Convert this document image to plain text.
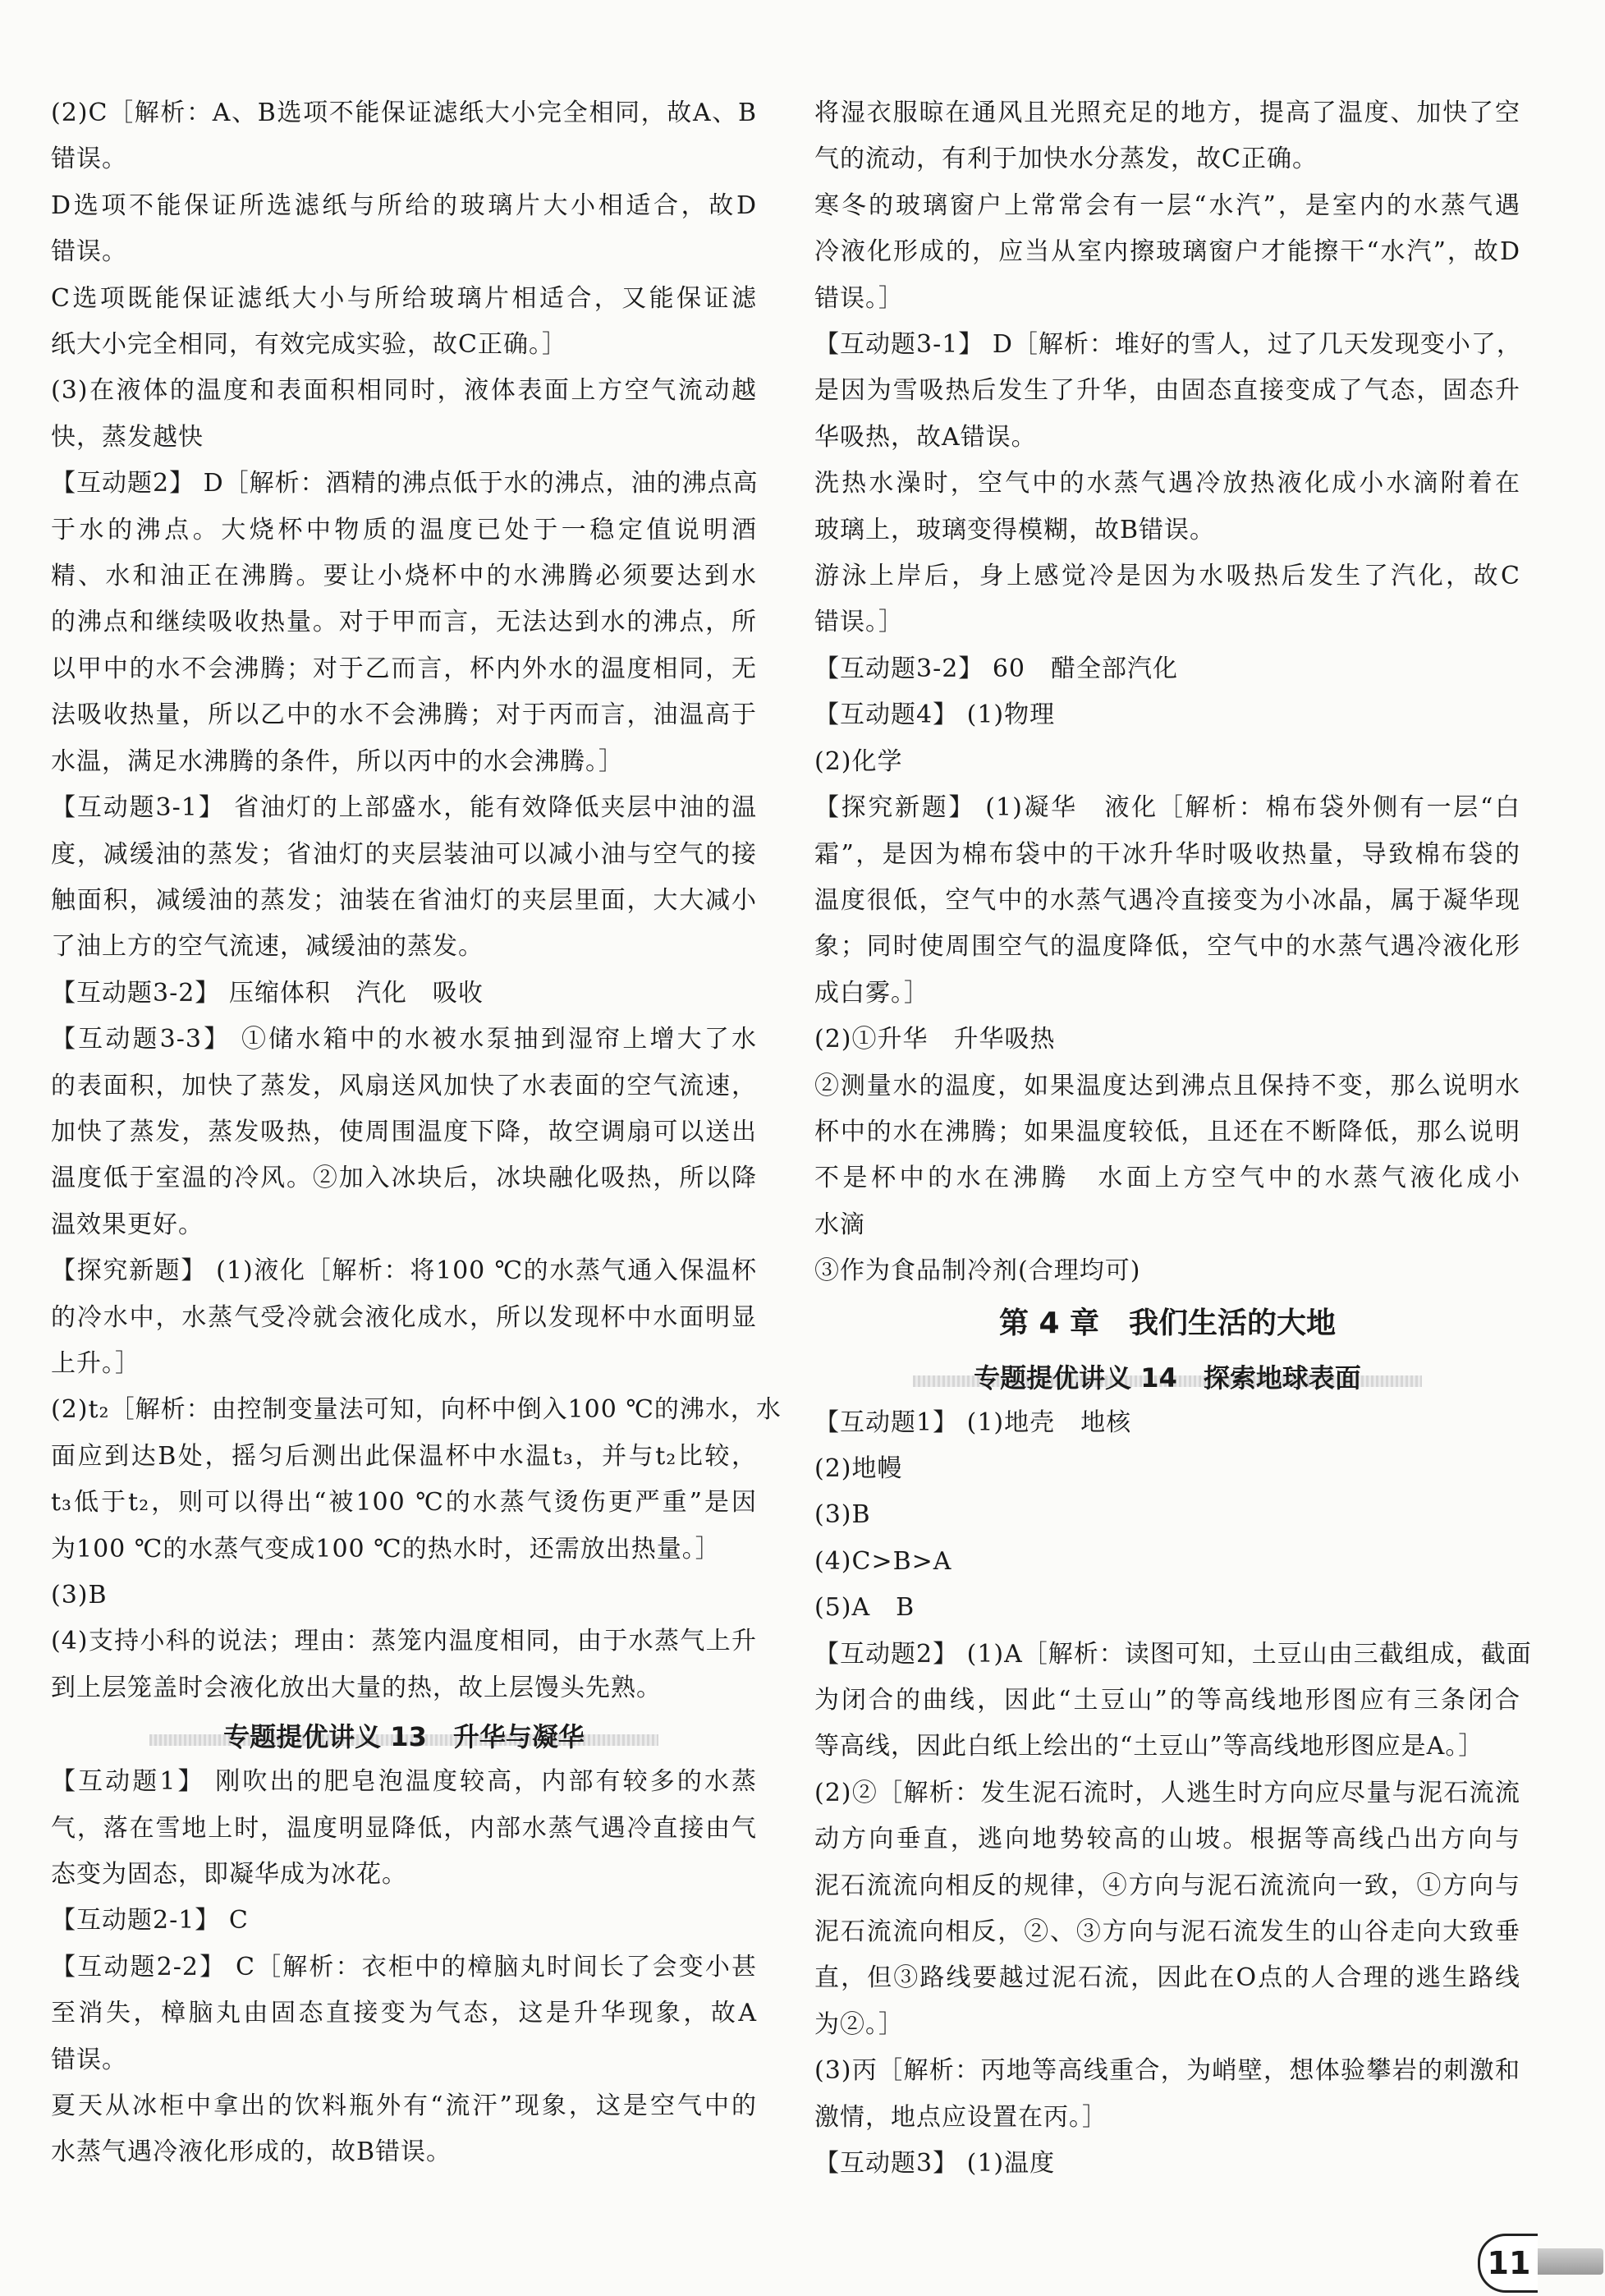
(2)C［解析：A、B选项不能保证滤纸大小完全相同，故A、B

错误。

D选项不能保证所选滤纸与所给的玻璃片大小相适合，故D

错误。

C选项既能保证滤纸大小与所给玻璃片相适合，又能保证滤

纸大小完全相同，有效完成实验，故C正确。］

(3)在液体的温度和表面积相同时，液体表面上方空气流动越

快，蒸发越快

【互动题2】 D［解析：酒精的沸点低于水的沸点，油的沸点高

于水的沸点。大烧杯中物质的温度已处于一稳定值说明酒

精、水和油正在沸腾。要让小烧杯中的水沸腾必须要达到水

的沸点和继续吸收热量。对于甲而言，无法达到水的沸点，所

以甲中的水不会沸腾；对于乙而言，杯内外水的温度相同，无

法吸收热量，所以乙中的水不会沸腾；对于丙而言，油温高于

水温，满足水沸腾的条件，所以丙中的水会沸腾。］

【互动题3-1】 省油灯的上部盛水，能有效降低夹层中油的温

度，减缓油的蒸发；省油灯的夹层装油可以减小油与空气的接

触面积，减缓油的蒸发；油装在省油灯的夹层里面，大大减小

了油上方的空气流速，减缓油的蒸发。

【互动题3-2】 压缩体积　汽化　吸收

【互动题3-3】 ①储水箱中的水被水泵抽到湿帘上增大了水

的表面积，加快了蒸发，风扇送风加快了水表面的空气流速，

加快了蒸发，蒸发吸热，使周围温度下降，故空调扇可以送出

温度低于室温的冷风。②加入冰块后，冰块融化吸热，所以降

温效果更好。

【探究新题】 (1)液化［解析：将100 ℃的水蒸气通入保温杯

的冷水中，水蒸气受冷就会液化成水，所以发现杯中水面明显

上升。］

(2)t₂［解析：由控制变量法可知，向杯中倒入100 ℃的沸水，水

面应到达B处，摇匀后测出此保温杯中水温t₃，并与t₂比较，

t₃低于t₂，则可以得出“被100 ℃的水蒸气烫伤更严重”是因

为100 ℃的水蒸气变成100 ℃的热水时，还需放出热量。］

(3)B

(4)支持小科的说法；理由：蒸笼内温度相同，由于水蒸气上升

到上层笼盖时会液化放出大量的热，故上层馒头先熟。

专题提优讲义 13　升华与凝华

【互动题1】 刚吹出的肥皂泡温度较高，内部有较多的水蒸

气，落在雪地上时，温度明显降低，内部水蒸气遇冷直接由气

态变为固态，即凝华成为冰花。

【互动题2-1】 C

【互动题2-2】 C［解析：衣柜中的樟脑丸时间长了会变小甚

至消失，樟脑丸由固态直接变为气态，这是升华现象，故A

错误。

夏天从冰柜中拿出的饮料瓶外有“流汗”现象，这是空气中的

水蒸气遇冷液化形成的，故B错误。

将湿衣服晾在通风且光照充足的地方，提高了温度、加快了空

气的流动，有利于加快水分蒸发，故C正确。

寒冬的玻璃窗户上常常会有一层“水汽”，是室内的水蒸气遇

冷液化形成的，应当从室内擦玻璃窗户才能擦干“水汽”，故D

错误。］

【互动题3-1】 D［解析：堆好的雪人，过了几天发现变小了，

是因为雪吸热后发生了升华，由固态直接变成了气态，固态升

华吸热，故A错误。

洗热水澡时，空气中的水蒸气遇冷放热液化成小水滴附着在

玻璃上，玻璃变得模糊，故B错误。

游泳上岸后，身上感觉冷是因为水吸热后发生了汽化，故C

错误。］

【互动题3-2】 60　醋全部汽化

【互动题4】 (1)物理

(2)化学

【探究新题】 (1)凝华　液化［解析：棉布袋外侧有一层“白

霜”，是因为棉布袋中的干冰升华时吸收热量，导致棉布袋的

温度很低，空气中的水蒸气遇冷直接变为小冰晶，属于凝华现

象；同时使周围空气的温度降低，空气中的水蒸气遇冷液化形

成白雾。］

(2)①升华　升华吸热

②测量水的温度，如果温度达到沸点且保持不变，那么说明水

杯中的水在沸腾；如果温度较低，且还在不断降低，那么说明

不是杯中的水在沸腾　水面上方空气中的水蒸气液化成小

水滴

③作为食品制冷剂(合理均可)

第 4 章　我们生活的大地

专题提优讲义 14　探索地球表面

【互动题1】 (1)地壳　地核

(2)地幔

(3)B

(4)C>B>A

(5)A　B

【互动题2】 (1)A［解析：读图可知，土豆山由三截组成，截面

为闭合的曲线，因此“土豆山”的等高线地形图应有三条闭合

等高线，因此白纸上绘出的“土豆山”等高线地形图应是A。］

(2)②［解析：发生泥石流时，人逃生时方向应尽量与泥石流流

动方向垂直，逃向地势较高的山坡。根据等高线凸出方向与

泥石流流向相反的规律，④方向与泥石流流向一致，①方向与

泥石流流向相反，②、③方向与泥石流发生的山谷走向大致垂

直，但③路线要越过泥石流，因此在O点的人合理的逃生路线

为②。］

(3)丙［解析：丙地等高线重合，为峭壁，想体验攀岩的刺激和

激情，地点应设置在丙。］

【互动题3】 (1)温度

11
